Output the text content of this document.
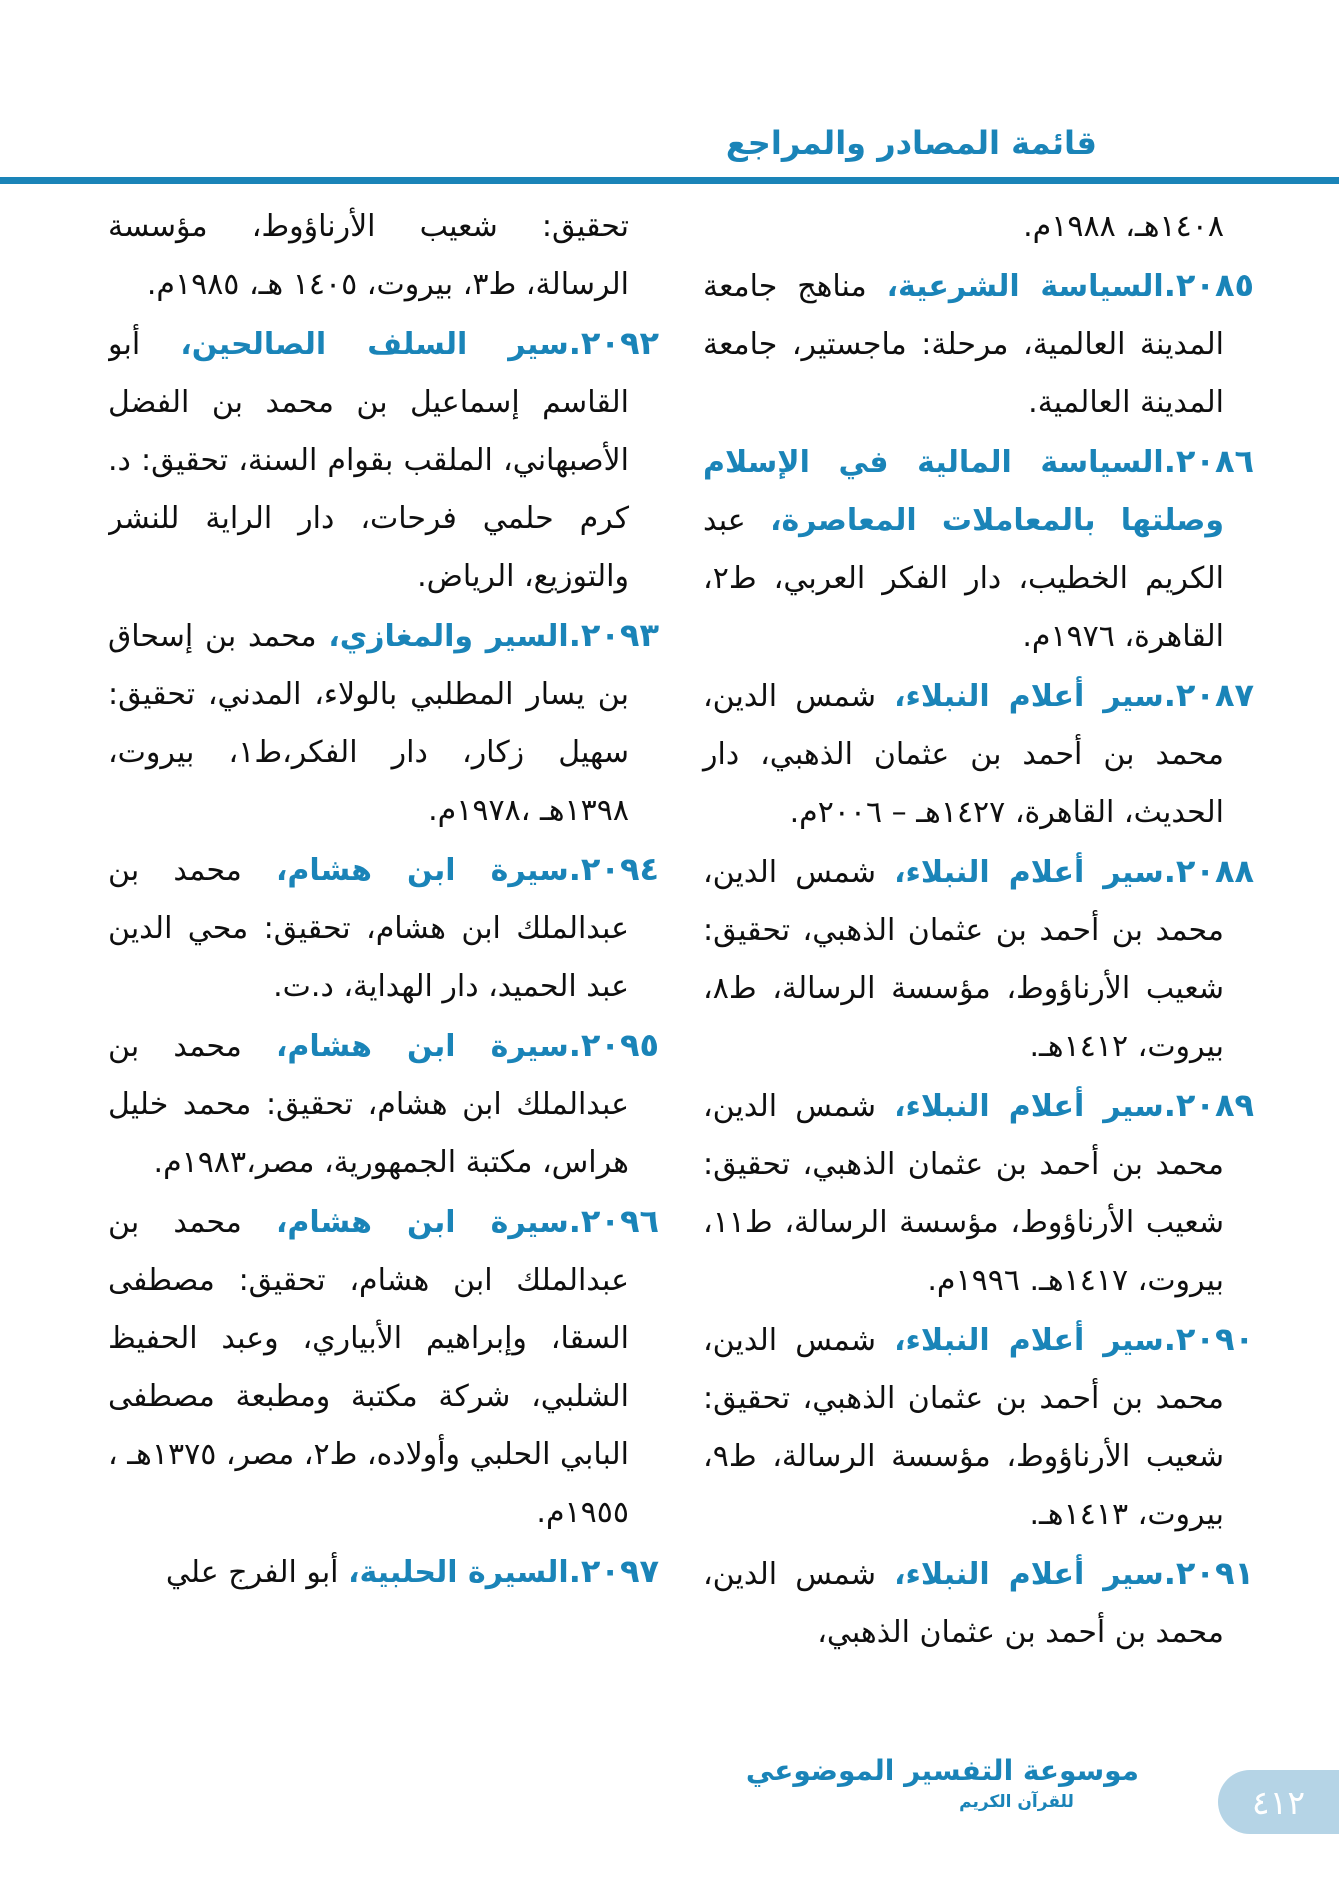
قائمة المصادر والمراجع

١٤٠٨هـ، ١٩٨٨م.

٢٠٨٥.السياسة الشرعية، مناهج جامعة المدينة العالمية، مرحلة: ماجستير، جامعة المدينة العالمية.

٢٠٨٦.السياسة المالية في الإسلام وصلتها بالمعاملات المعاصرة، عبد الكريم الخطيب، دار الفكر العربي، ط٢، القاهرة، ١٩٧٦م.

٢٠٨٧.سير أعلام النبلاء، شمس الدين، محمد بن أحمد بن عثمان الذهبي، دار الحديث، القاهرة، ١٤٢٧هـ – ٢٠٠٦م.

٢٠٨٨.سير أعلام النبلاء، شمس الدين، محمد بن أحمد بن عثمان الذهبي، تحقيق: شعيب الأرناؤوط، مؤسسة الرسالة، ط٨، بيروت، ١٤١٢هـ.

٢٠٨٩.سير أعلام النبلاء، شمس الدين، محمد بن أحمد بن عثمان الذهبي، تحقيق: شعيب الأرناؤوط، مؤسسة الرسالة، ط١١، بيروت، ١٤١٧هـ. ١٩٩٦م.

٢٠٩٠.سير أعلام النبلاء، شمس الدين، محمد بن أحمد بن عثمان الذهبي، تحقيق: شعيب الأرناؤوط، مؤسسة الرسالة، ط٩، بيروت، ١٤١٣هـ.

٢٠٩١.سير أعلام النبلاء، شمس الدين، محمد بن أحمد بن عثمان الذهبي،

تحقيق: شعيب الأرناؤوط، مؤسسة الرسالة، ط٣، بيروت، ١٤٠٥ هـ، ١٩٨٥م.

٢٠٩٢.سير السلف الصالحين، أبو القاسم إسماعيل بن محمد بن الفضل الأصبهاني، الملقب بقوام السنة، تحقيق: د. كرم حلمي فرحات، دار الراية للنشر والتوزيع، الرياض.

٢٠٩٣.السير والمغازي، محمد بن إسحاق بن يسار المطلبي بالولاء، المدني، تحقيق: سهيل زكار، دار الفكر،ط١، بيروت، ١٣٩٨هـ ،١٩٧٨م.

٢٠٩٤.سيرة ابن هشام، محمد بن عبدالملك ابن هشام، تحقيق: محي الدين عبد الحميد، دار الهداية، د.ت.

٢٠٩٥.سيرة ابن هشام، محمد بن عبدالملك ابن هشام، تحقيق: محمد خليل هراس، مكتبة الجمهورية، مصر،١٩٨٣م.

٢٠٩٦.سيرة ابن هشام، محمد بن عبدالملك ابن هشام، تحقيق: مصطفى السقا، وإبراهيم الأبياري، وعبد الحفيظ الشلبي، شركة مكتبة ومطبعة مصطفى البابي الحلبي وأولاده، ط٢، مصر، ١٣٧٥هـ ، ١٩٥٥م.

٢٠٩٧.السيرة الحلبية، أبو الفرج علي

موسوعة التفسير الموضوعي
للقرآن الكريم	٤١٢
